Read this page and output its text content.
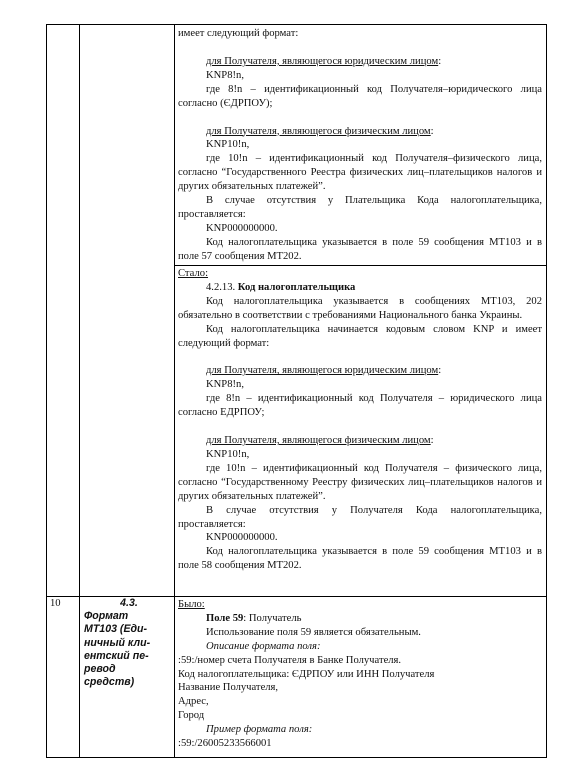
имеет следующий формат:

для Получателя, являющегося юридическим лицом:

KNP8!n,

где 8!n – идентификационный код Получателя–юридического лица согласно (ЄДРПОУ);

для Получателя, являющегося физическим лицом:

KNP10!n,

где 10!n – идентификационный код Получателя–физического лица, согласно “Государственного Реестра физических лиц–плательщиков налогов и других обязательных платежей”.

В случае отсутствия у Плательщика Кода налогоплательщика, проставляется:

KNP000000000.

Код налогоплательщика указывается в поле 59 сообщения MT103 и в поле 57 сообщения MT202.

Стало:

4.2.13. Код налогоплательщика

Код налогоплательщика указывается в сообщениях MT103, 202 обязательно в соответствии с требованиями Национального банка Украины.

Код налогоплательщика начинается кодовым словом KNP и имеет следующий формат:

для Получателя, являющегося юридическим лицом:

KNP8!n,

где 8!n – идентификационный код Получателя – юридического лица согласно ЕДРПОУ;

для Получателя, являющегося физическим лицом:

KNP10!n,

где 10!n – идентификационный код Получателя – физического лица, согласно “Государственному Реестру физических лиц–плательщиков налогов и других обязательных платежей”.

В случае отсутствия у Получателя Кода налогоплательщика, проставляется:

KNP000000000.

Код налогоплательщика указывается в поле 59 сообщения MT103 и в поле 58 сообщения MT202.

10	4.3.
Формат
МТ103 (Еди-
ничный кли-
ентский пе-
ревод
средств)

Было:

Поле 59: Получатель

Использование поля 59 является обязательным.

Описание формата поля:

:59:/номер счета Получателя в Банке Получателя.

Код налогоплательщика: ЄДРПОУ или ИНН Получателя

Название Получателя,

Адрес,

Город

Пример формата поля:

:59:/26005233566001
